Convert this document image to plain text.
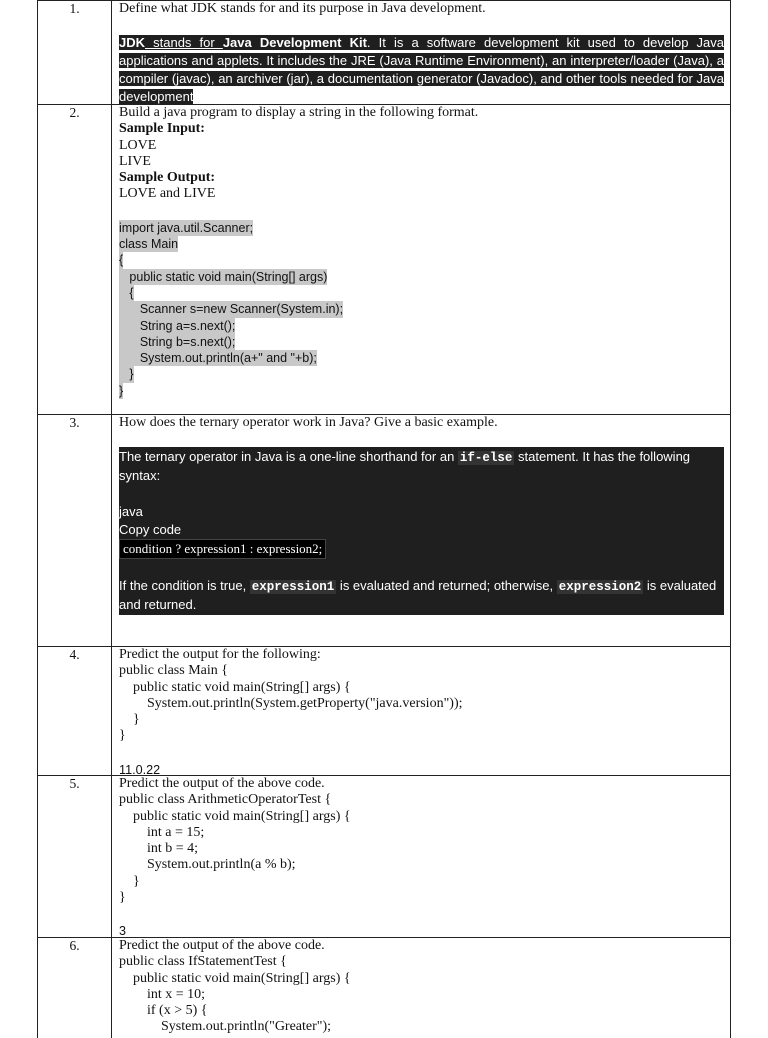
1.	Define what JDK stands for and its purpose in Java development.
JDK stands for Java Development Kit. It is a software development kit used to develop Java applications and applets. It includes the JRE (Java Runtime Environment), an interpreter/loader (Java), a compiler (javac), an archiver (jar), a documentation generator (Javadoc), and other tools needed for Java development
2.	Build a java program to display a string in the following format.
Sample Input:
LOVE
LIVE
Sample Output:
LOVE and LIVE
import java.util.Scanner;
class Main
{
public static void main(String[] args)
{
Scanner s=new Scanner(System.in);
String a=s.next();
String b=s.next();
System.out.println(a+" and "+b);
}
}
3.	How does the ternary operator work in Java? Give a basic example.
The ternary operator in Java is a one-line shorthand for an if-else statement. It has the following syntax:
java
Copy code
condition ? expression1 : expression2;
If the condition is true, expression1 is evaluated and returned; otherwise, expression2 is evaluated and returned.
4.	Predict the output for the following:
public class Main {
public static void main(String[] args) {
System.out.println(System.getProperty("java.version"));
}
}
11.0.22
5.	Predict the output of the above code.
public class ArithmeticOperatorTest {
public static void main(String[] args) {
int a = 15;
int b = 4;
System.out.println(a % b);
}
}
3
6.	Predict the output of the above code.
public class IfStatementTest {
public static void main(String[] args) {
int x = 10;
if (x > 5) {
System.out.println("Greater");
